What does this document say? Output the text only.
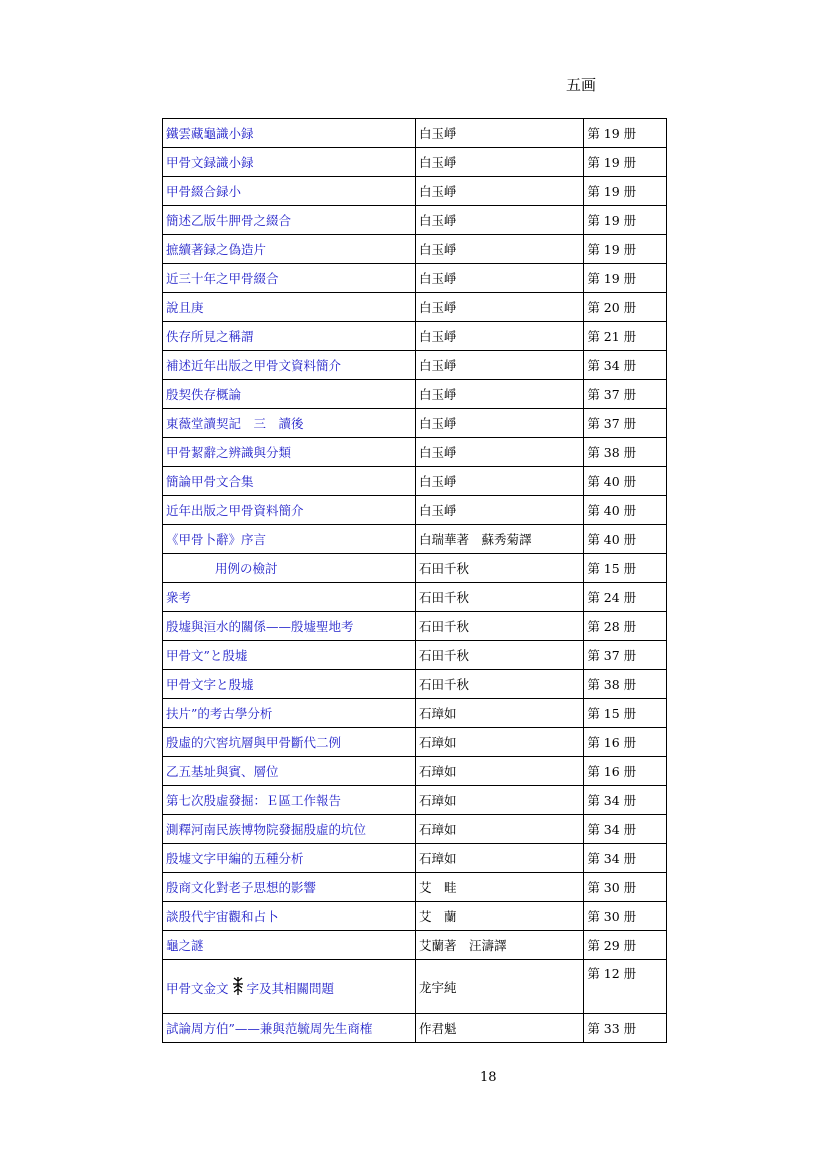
五画
鐵雲藏龜識小録	白玉崢	第 19 册
甲骨文録識小録	白玉崢	第 19 册
甲骨綴合録小	白玉崢	第 19 册
簡述乙版牛胛骨之綴合	白玉崢	第 19 册
摭續著録之偽造片	白玉崢	第 19 册
近三十年之甲骨綴合	白玉崢	第 19 册
說且庚	白玉崢	第 20 册
佚存所見之稱謂	白玉崢	第 21 册
補述近年出版之甲骨文資料簡介	白玉崢	第 34 册
殷契佚存概論	白玉崢	第 37 册
東薇堂讀契記　三　讀後	白玉崢	第 37 册
甲骨絜辭之辨識與分類	白玉崢	第 38 册
簡論甲骨文合集	白玉崢	第 40 册
近年出版之甲骨資料簡介	白玉崢	第 40 册
《甲骨卜辭》序言	白瑞華著　蘇秀菊譯	第 40 册
用例の檢討	石田千秋	第 15 册
衆考	石田千秋	第 24 册
殷墟與洹水的關係——殷墟聖地考	石田千秋	第 28 册
甲骨文”と殷墟	石田千秋	第 37 册
甲骨文字と殷墟	石田千秋	第 38 册
扶片”的考古學分析	石璋如	第 15 册
殷虛的穴窖坑層與甲骨斷代二例	石璋如	第 16 册
乙五基址與賓、層位	石璋如	第 16 册
第七次殷虛發掘：Ｅ區工作報告	石璋如	第 34 册
測釋河南民族博物院發掘殷虛的坑位	石璋如	第 34 册
殷墟文字甲編的五種分析	石璋如	第 34 册
殷商文化對老子思想的影響	艾　畦	第 30 册
談殷代宇宙觀和占卜	艾　蘭	第 30 册
龜之謎	艾蘭著　汪濤譯	第 29 册
甲骨文金文 字及其相關問題	龙宇純	第 12 册
試論周方伯”——兼與范毓周先生商榷	作君魁	第 33 册
18
